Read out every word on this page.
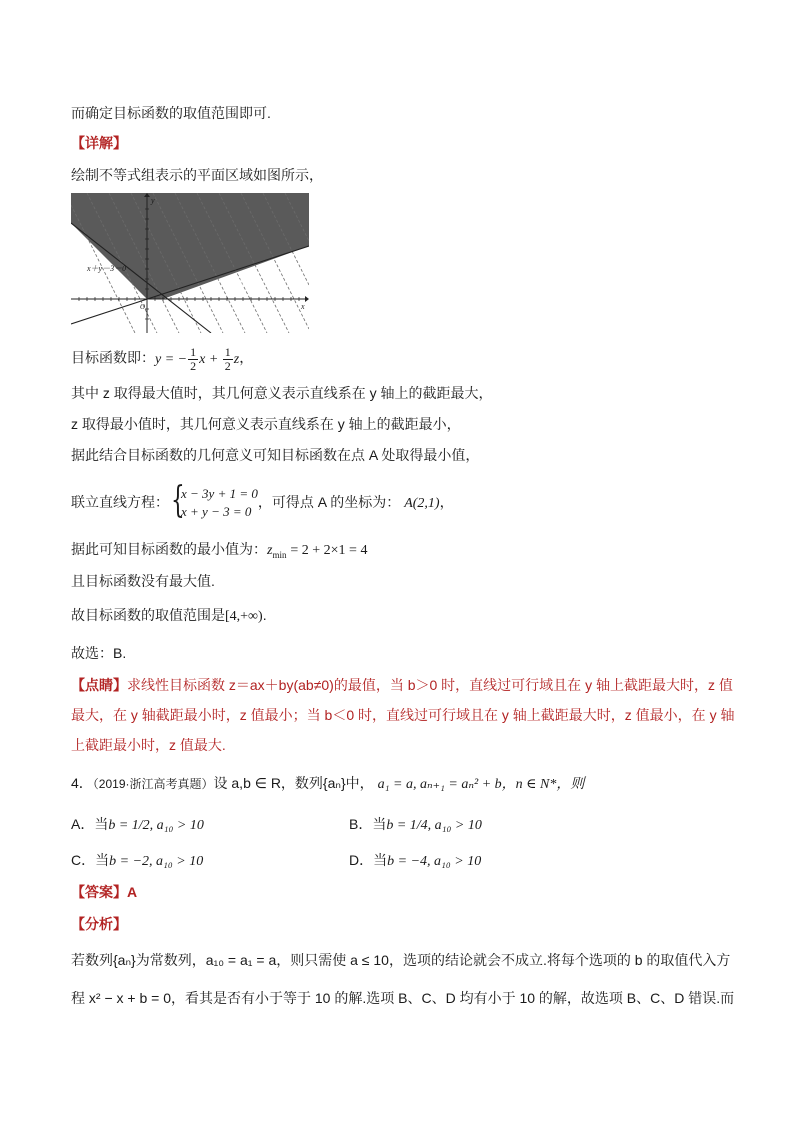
而确定目标函数的取值范围即可.
【详解】
绘制不等式组表示的平面区域如图所示，
x－3y＋1＝0
x＋y－3＝0
x
y
O
目标函数即：y = − $\frac{1}{2}$ $x + \frac{1}{2}$ z，
其中 z 取得最大值时，其几何意义表示直线系在 y 轴上的截距最大，
z 取得最小值时，其几何意义表示直线系在 y 轴上的截距最小，
据此结合目标函数的几何意义可知目标函数在点 A 处取得最小值，
联立直线方程： {
x − 3y + 1 = 0
x + y − 3 = 0
，可得点 A 的坐标为： A(2,1)，
据此可知目标函数的最小值为：$z_{min} = 2 + 2\times 1 = 4$
且目标函数没有最大值.
故目标函数的取值范围是[4,+∞).
故选：B.
【点睛】求线性目标函数 z＝ax＋by(ab≠0)的最值，当 b＞0 时，直线过可行域且在 y 轴上截距最大时，z 值
最大，在 y 轴截距最小时，z 值最小；当 b＜0 时，直线过可行域且在 y 轴上截距最大时，z 值最小，在 y 轴
上截距最小时，z 值最大.
4．（2019·浙江高考真题）设 a,b ∈ R，数列{aₙ}中， a₁ = a, aₙ₊₁ = aₙ² + b，n ∈ N*，则
A．当b = 1/2, a₁₀ > 10	B．当b = 1/4, a₁₀ > 10
C．当b = −2, a₁₀ > 10	D．当b = −4, a₁₀ > 10
【答案】A
【分析】
若数列{aₙ}为常数列，a₁₀ = a₁ = a，则只需使 a ≤ 10，选项的结论就会不成立.将每个选项的 b 的取值代入方
程 x² − x + b = 0，看其是否有小于等于 10 的解.选项 B、C、D 均有小于 10 的解，故选项 B、C、D 错误.而
